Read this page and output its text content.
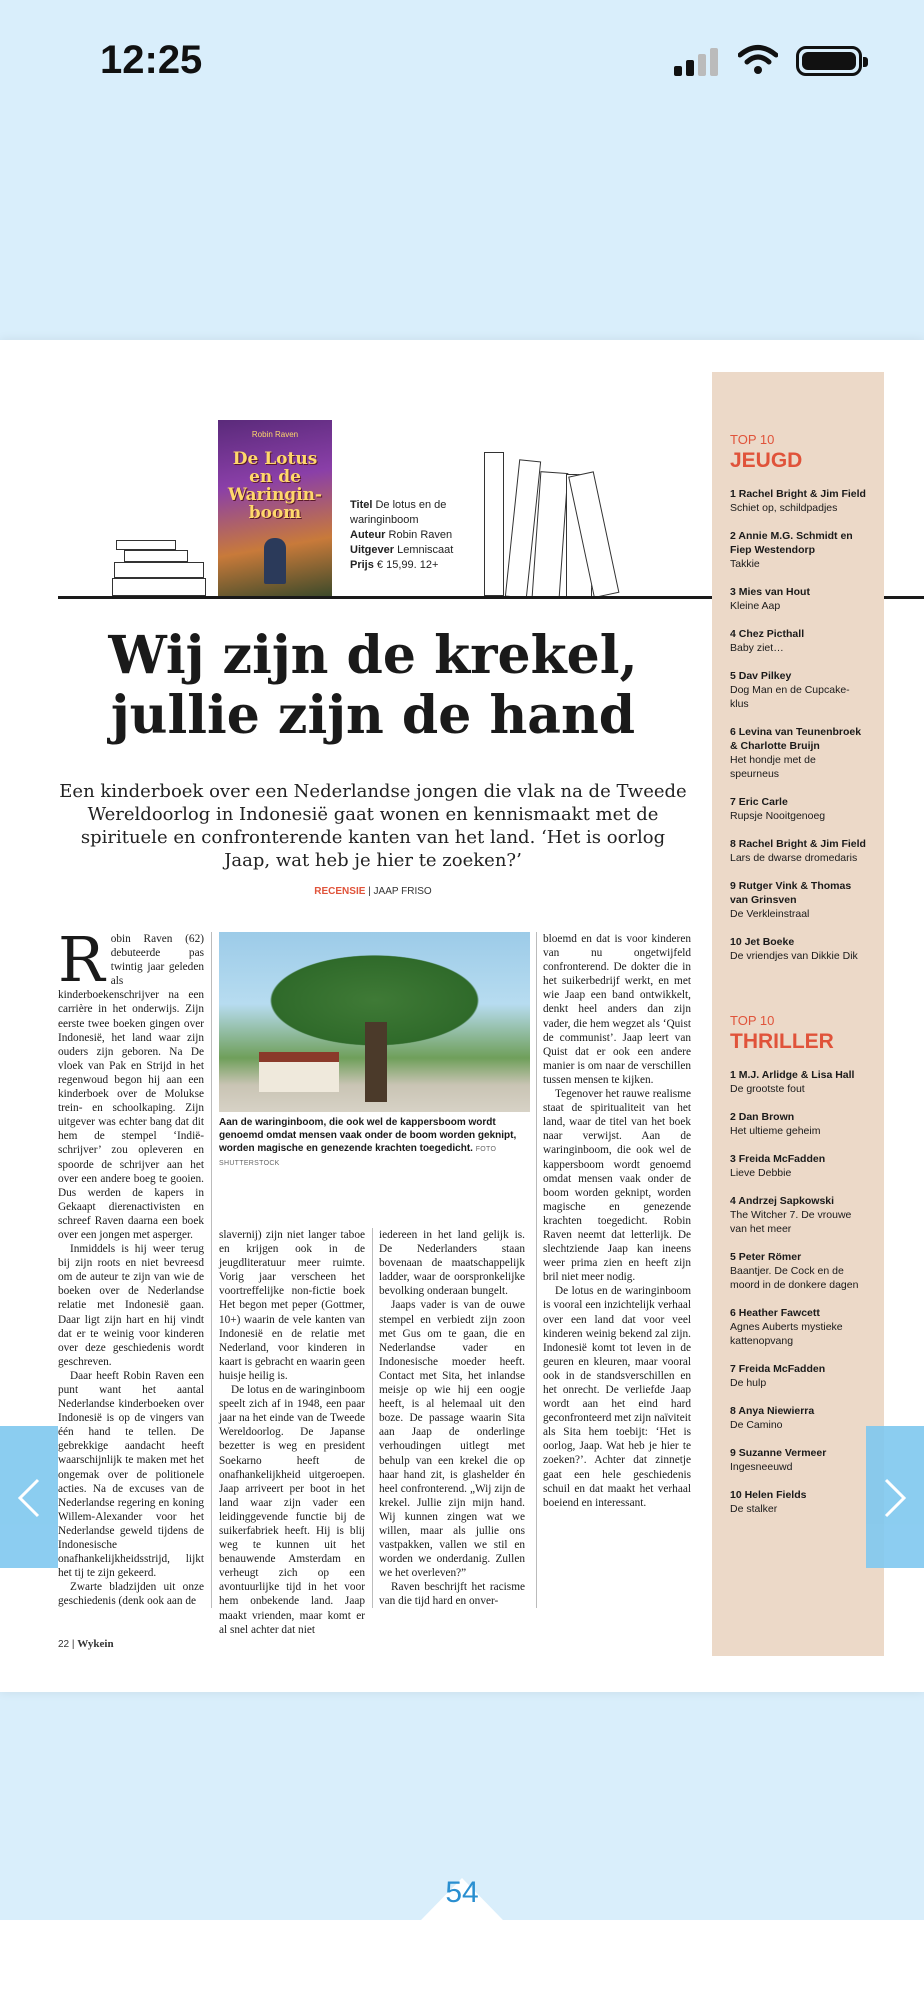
12:25
Robin Raven
De Lotus en de Waringin-boom	Titel De lotus en de waringinboom
Auteur Robin Raven
Uitgever Lemniscaat
Prijs € 15,99. 12+
Wij zijn de krekel,
jullie zijn de hand
Een kinderboek over een Nederlandse jongen die vlak na de Tweede Wereldoorlog in Indonesië gaat wonen en kennismaakt met de spirituele en confronterende kanten van het land. ‘Het is oorlog Jaap, wat heb je hier te zoeken?’
RECENSIE | JAAP FRISO

Robin Raven (62) debuteerde pas twintig jaar geleden als kinderboekenschrijver na een carrière in het onderwijs. Zijn eerste twee boeken gingen over Indonesië, het land waar zijn ouders zijn geboren. Na De vloek van Pak en Strijd in het regenwoud begon hij aan een kinderboek over de Molukse trein- en schoolkaping. Zijn uitgever was echter bang dat dit hem de stempel ‘Indië-schrijver’ zou opleveren en spoorde de schrijver aan het over een andere boeg te gooien. Dus werden de kapers in Gekaapt dierenactivisten en schreef Raven daarna een boek over een jongen met asperger.

Inmiddels is hij weer terug bij zijn roots en niet bevreesd om de auteur te zijn van wie de boeken over de Nederlandse relatie met Indonesië gaan. Daar ligt zijn hart en hij vindt dat er te weinig voor kinderen over deze geschiedenis wordt geschreven.

Daar heeft Robin Raven een punt want het aantal Nederlandse kinderboeken over Indonesië is op de vingers van één hand te tellen. De gebrekkige aandacht heeft waarschijnlijk te maken met het ongemak over de politionele acties. Na de excuses van de Nederlandse regering en koning Willem-Alexander voor het Nederlandse geweld tijdens de Indonesische onafhankelijkheidsstrijd, lijkt het tij te zijn gekeerd.

Zwarte bladzijden uit onze geschiedenis (denk ook aan de

Aan de waringinboom, die ook wel de kappersboom wordt genoemd omdat mensen vaak onder de boom worden geknipt, worden magische en genezende krachten toegedicht. FOTO SHUTTERSTOCK

slavernij) zijn niet langer taboe en krijgen ook in de jeugdliteratuur meer ruimte. Vorig jaar verscheen het voortreffelijke non-fictie boek Het begon met peper (Gottmer, 10+) waarin de vele kanten van Indonesië en de relatie met Nederland, voor kinderen in kaart is gebracht en waarin geen huisje heilig is.

De lotus en de waringinboom speelt zich af in 1948, een paar jaar na het einde van de Tweede Wereldoorlog. De Japanse bezetter is weg en president Soekarno heeft de onafhankelijkheid uitgeroepen. Jaap arriveert per boot in het land waar zijn vader een leidinggevende functie bij de suikerfabriek heeft. Hij is blij weg te kunnen uit het benauwende Amsterdam en verheugt zich op een avontuurlijke tijd in het voor hem onbekende land. Jaap maakt vrienden, maar komt er al snel achter dat niet

iedereen in het land gelijk is. De Nederlanders staan bovenaan de maatschappelijk ladder, waar de oorspronkelijke bevolking onderaan bungelt.

Jaaps vader is van de ouwe stempel en verbiedt zijn zoon met Gus om te gaan, die en Nederlandse vader en Indonesische moeder heeft. Contact met Sita, het inlandse meisje op wie hij een oogje heeft, is al helemaal uit den boze. De passage waarin Sita aan Jaap de onderlinge verhoudingen uitlegt met behulp van een krekel die op haar hand zit, is glashelder én heel confronterend. „Wij zijn de krekel. Jullie zijn mijn hand. Wij kunnen zingen wat we willen, maar als jullie ons vastpakken, vallen we stil en worden we onderdanig. Zullen we het overleven?”

Raven beschrijft het racisme van die tijd hard en onver-

bloemd en dat is voor kinderen van nu ongetwijfeld confronterend. De dokter die in het suikerbedrijf werkt, en met wie Jaap een band ontwikkelt, denkt heel anders dan zijn vader, die hem wegzet als ‘Quist de communist’. Jaap leert van Quist dat er ook een andere manier is om naar de verschillen tussen mensen te kijken.

Tegenover het rauwe realisme staat de spiritualiteit van het land, waar de titel van het boek naar verwijst. Aan de waringinboom, die ook wel de kappersboom wordt genoemd omdat mensen vaak onder de boom worden geknipt, worden magische en genezende krachten toegedicht. Robin Raven neemt dat letterlijk. De slechtziende Jaap kan ineens weer prima zien en heeft zijn bril niet meer nodig.

De lotus en de waringinboom is vooral een inzichtelijk verhaal over een land dat voor veel kinderen weinig bekend zal zijn. Indonesië komt tot leven in de geuren en kleuren, maar vooral ook in de standsverschillen en het onrecht. De verliefde Jaap wordt aan het eind hard geconfronteerd met zijn naïviteit als Sita hem toebijt: ‘Het is oorlog, Jaap. Wat heb je hier te zoeken?’. Achter dat zinnetje gaat een hele geschiedenis schuil en dat maakt het verhaal boeiend en interessant.

22 | Wykein
TOP 10
JEUGD
1 Rachel Bright & Jim Field
Schiet op, schildpadjes
2 Annie M.G. Schmidt en Fiep Westendorp
Takkie
3 Mies van Hout
Kleine Aap
4 Chez Picthall
Baby ziet…
5 Dav Pilkey
Dog Man en de Cupcake-klus
6 Levina van Teunenbroek & Charlotte Bruijn
Het hondje met de speurneus
7 Eric Carle
Rupsje Nooitgenoeg
8 Rachel Bright & Jim Field
Lars de dwarse dromedaris
9 Rutger Vink & Thomas van Grinsven
De Verkleinstraal
10 Jet Boeke
De vriendjes van Dikkie Dik
TOP 10
THRILLER
1 M.J. Arlidge & Lisa Hall
De grootste fout
2 Dan Brown
Het ultieme geheim
3 Freida McFadden
Lieve Debbie
4 Andrzej Sapkowski
The Witcher 7. De vrouwe van het meer
5 Peter Römer
Baantjer. De Cock en de moord in de donkere dagen
6 Heather Fawcett
Agnes Auberts mystieke kattenopvang
7 Freida McFadden
De hulp
8 Anya Niewierra
De Camino
9 Suzanne Vermeer
Ingesneeuwd
10 Helen Fields
De stalker
54
